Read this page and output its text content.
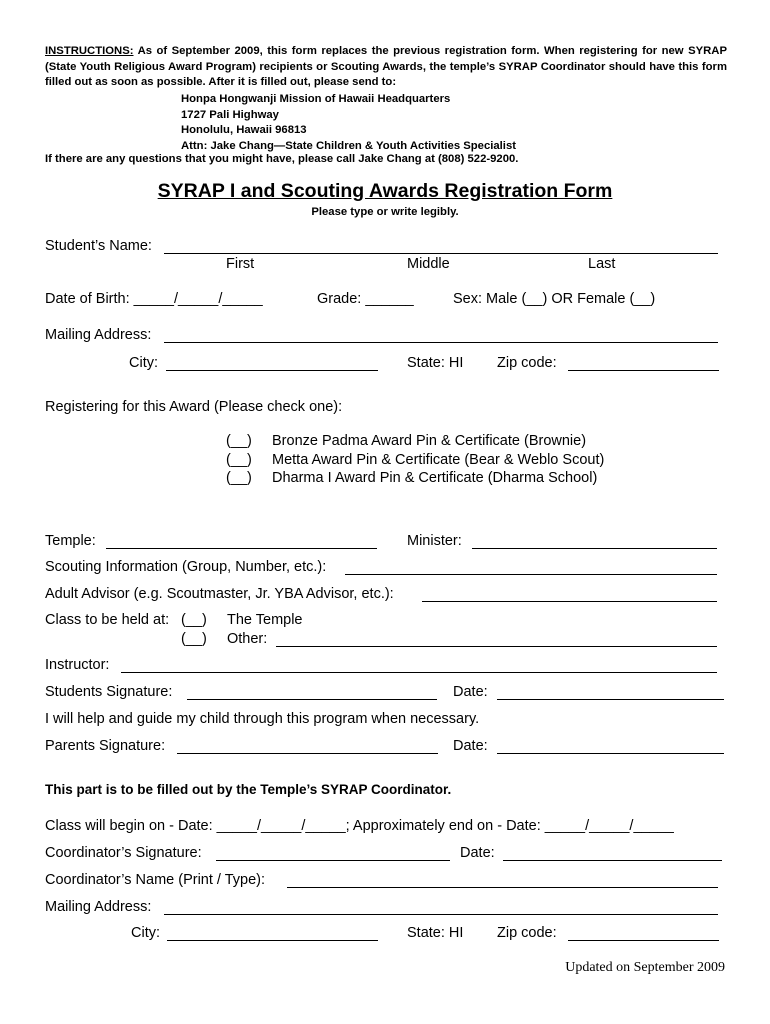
INSTRUCTIONS: As of September 2009, this form replaces the previous registration form. When registering for new SYRAP (State Youth Religious Award Program) recipients or Scouting Awards, the temple’s SYRAP Coordinator should have this form filled out as soon as possible. After it is filled out, please send to:
Honpa Hongwanji Mission of Hawaii Headquarters
1727 Pali Highway
Honolulu, Hawaii 96813
Attn: Jake Chang—State Children & Youth Activities Specialist
If there are any questions that you might have, please call Jake Chang at (808) 522-9200.
SYRAP I and Scouting Awards Registration Form
Please type or write legibly.
Student’s Name:
First	Middle	Last
Date of Birth: _____/_____/_____	Grade: ______	Sex: Male (__) OR Female (__)
Mailing Address:
City:	State: HI Zip code:
Registering for this Award (Please check one):
(__) Bronze Padma Award Pin & Certificate (Brownie)
(__) Metta Award Pin & Certificate (Bear & Weblo Scout)
(__) Dharma I Award Pin & Certificate (Dharma School)
Temple:	Minister:
Scouting Information (Group, Number, etc.):
Adult Advisor (e.g. Scoutmaster, Jr. YBA Advisor, etc.):
Class to be held at: (__) The Temple
(__) Other:
Instructor:
Students Signature:	Date:
I will help and guide my child through this program when necessary.
Parents Signature:	Date:
This part is to be filled out by the Temple’s SYRAP Coordinator.
Class will begin on - Date: _____/_____/_____; Approximately end on - Date: _____/_____/_____
Coordinator’s Signature:	Date:
Coordinator’s Name (Print / Type):
Mailing Address:
City:	State: HI Zip code:
Updated on September 2009
